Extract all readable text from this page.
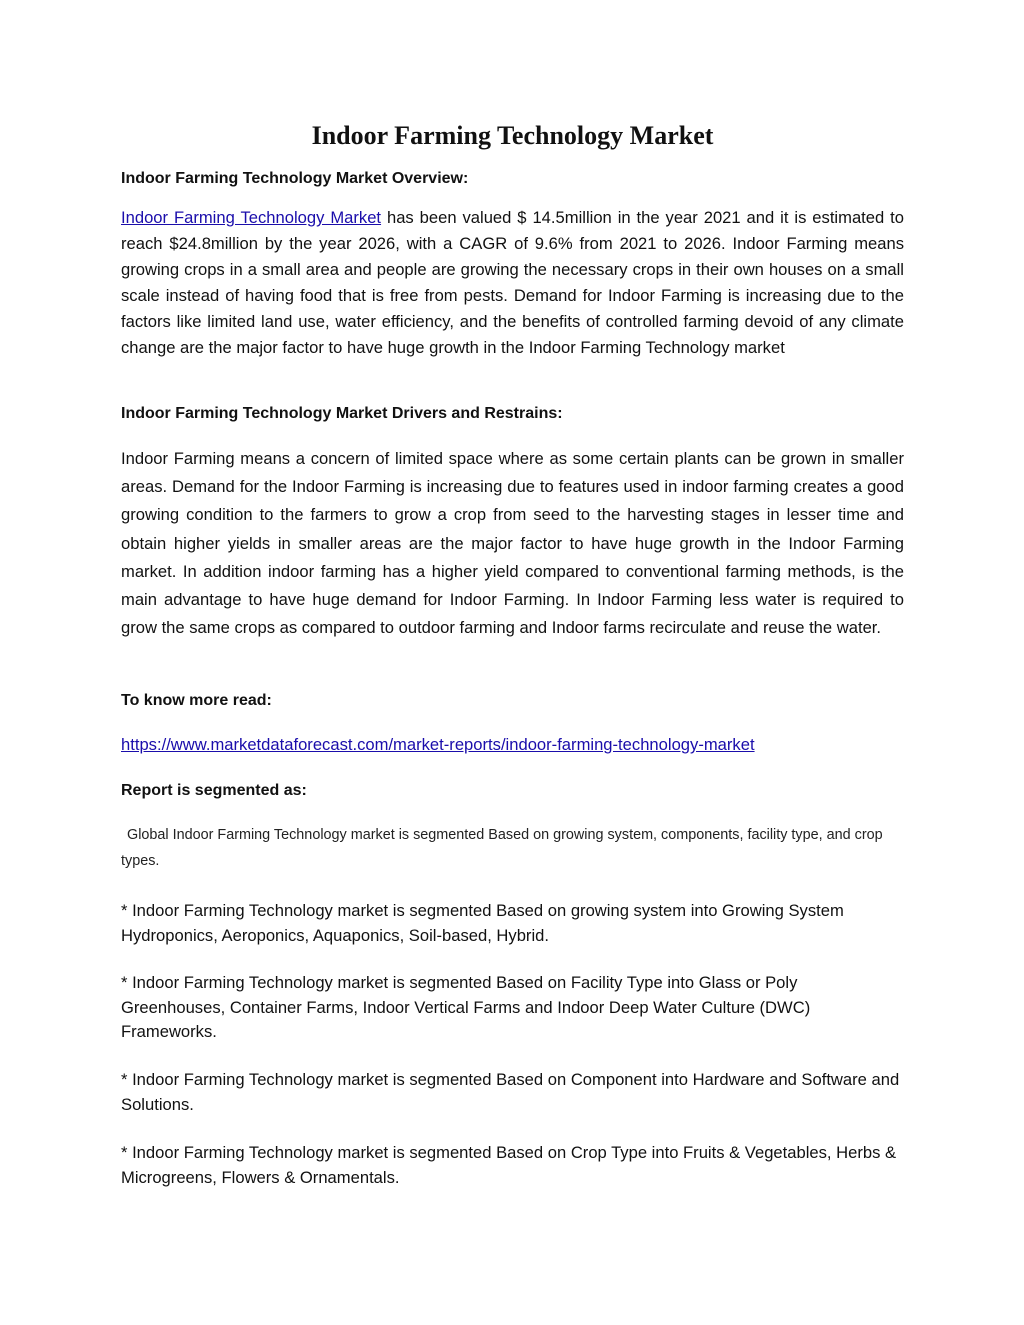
Indoor Farming Technology Market

Indoor Farming Technology Market Overview:

Indoor Farming Technology Market has been valued $ 14.5million in the year 2021 and it is estimated to reach $24.8million by the year 2026, with a CAGR of 9.6% from 2021 to 2026. Indoor Farming means growing crops in a small area and people are growing the necessary crops in their own houses on a small scale instead of having food that is free from pests. Demand for Indoor Farming is increasing due to the factors like limited land use, water efficiency, and the benefits of controlled farming devoid of any climate change are the major factor to have huge growth in the Indoor Farming Technology market

Indoor Farming Technology Market Drivers and Restrains:

Indoor Farming means a concern of limited space where as some certain plants can be grown in smaller areas. Demand for the Indoor Farming is increasing due to features used in indoor farming creates a good growing condition to the farmers to grow a crop from seed to the harvesting stages in lesser time and obtain higher yields in smaller areas are the major factor to have huge growth in the Indoor Farming market. In addition indoor farming has a higher yield compared to conventional farming methods, is the main advantage to have huge demand for Indoor Farming. In Indoor Farming less water is required to grow the same crops as compared to outdoor farming and Indoor farms recirculate and reuse the water.

To know more read:

https://www.marketdataforecast.com/market-reports/indoor-farming-technology-market

Report is segmented as:

Global Indoor Farming Technology market is segmented Based on growing system, components, facility type, and crop types.

* Indoor Farming Technology market is segmented Based on growing system into Growing System Hydroponics, Aeroponics, Aquaponics, Soil-based, Hybrid.

* Indoor Farming Technology market is segmented Based on Facility Type into Glass or Poly Greenhouses, Container Farms, Indoor Vertical Farms and Indoor Deep Water Culture (DWC) Frameworks.

* Indoor Farming Technology market is segmented Based on Component into Hardware and Software and Solutions.

* Indoor Farming Technology market is segmented Based on Crop Type into Fruits & Vegetables, Herbs & Microgreens, Flowers & Ornamentals.
